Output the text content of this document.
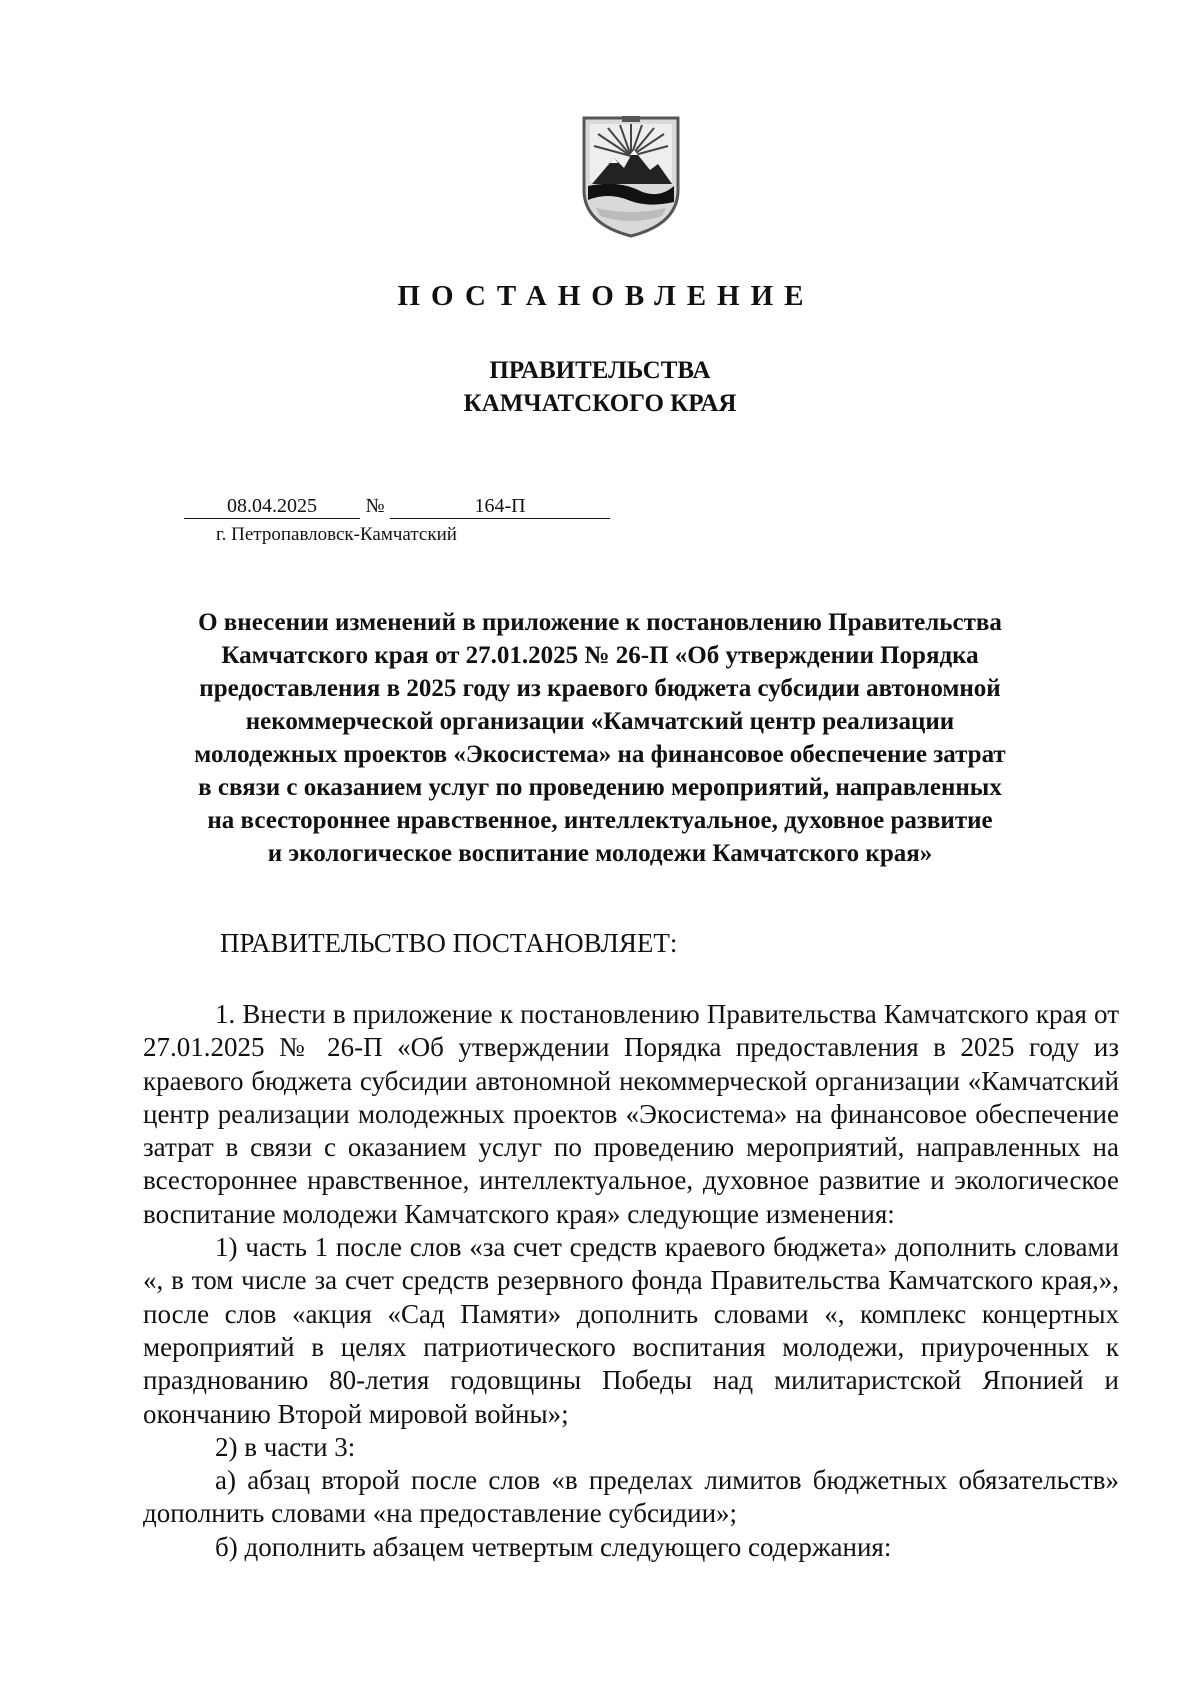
ПОСТАНОВЛЕНИЕ
ПРАВИТЕЛЬСТВА
КАМЧАТСКОГО КРАЯ
08.04.2025	№	164-П
г. Петропавловск-Камчатский
О внесении изменений в приложение к постановлению Правительства
Камчатского края от 27.01.2025 № 26-П «Об утверждении Порядка
предоставления в 2025 году из краевого бюджета субсидии автономной
некоммерческой организации «Камчатский центр реализации
молодежных проектов «Экосистема» на финансовое обеспечение затрат
в связи с оказанием услуг по проведению мероприятий, направленных
на всестороннее нравственное, интеллектуальное, духовное развитие
и экологическое воспитание молодежи Камчатского края»
ПРАВИТЕЛЬСТВО ПОСТАНОВЛЯЕТ:

1. Внести в приложение к постановлению Правительства Камчатского края от 27.01.2025 № 26-П «Об утверждении Порядка предоставления в 2025 году из краевого бюджета субсидии автономной некоммерческой организации «Камчатский центр реализации молодежных проектов «Экосистема» на финансовое обеспечение затрат в связи с оказанием услуг по проведению мероприятий, направленных на всестороннее нравственное, интеллектуальное, духовное развитие и экологическое воспитание молодежи Камчатского края» следующие изменения:

1) часть 1 после слов «за счет средств краевого бюджета» дополнить словами «, в том числе за счет средств резервного фонда Правительства Камчатского края,», после слов «акция «Сад Памяти» дополнить словами «, комплекс концертных мероприятий в целях патриотического воспитания молодежи, приуроченных к празднованию 80-летия годовщины Победы над милитаристской Японией и окончанию Второй мировой войны»;

2) в части 3:

а) абзац второй после слов «в пределах лимитов бюджетных обязательств» дополнить словами «на предоставление субсидии»;

б) дополнить абзацем четвертым следующего содержания:
